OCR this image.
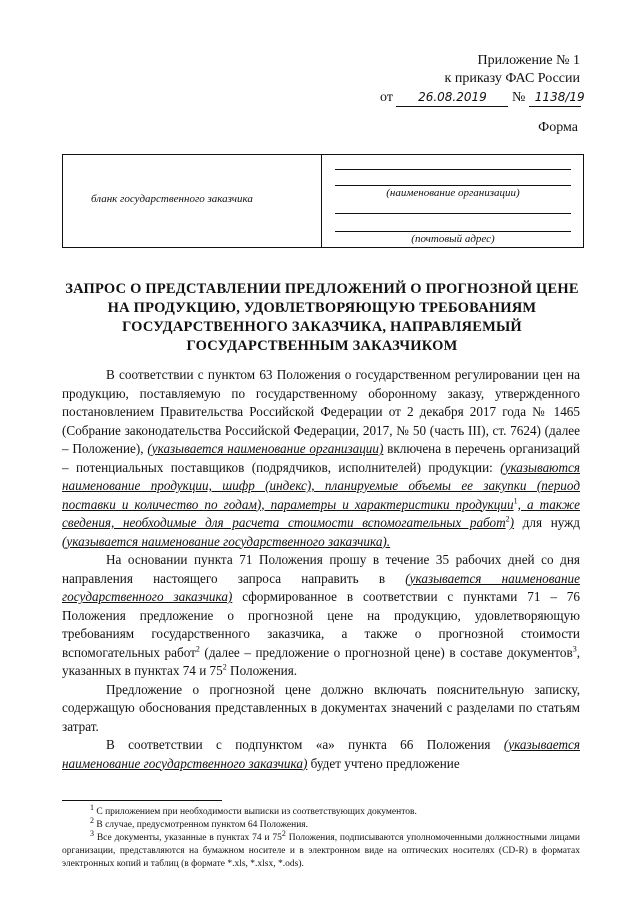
Приложение № 1
к приказу ФАС России
от 26.08.2019 № 1138/19
Форма
бланк государственного заказчика	(наименование организации)
(почтовый адрес)
ЗАПРОС О ПРЕДСТАВЛЕНИИ ПРЕДЛОЖЕНИЙ О ПРОГНОЗНОЙ ЦЕНЕ НА ПРОДУКЦИЮ, УДОВЛЕТВОРЯЮЩУЮ ТРЕБОВАНИЯМ ГОСУДАРСТВЕННОГО ЗАКАЗЧИКА, НАПРАВЛЯЕМЫЙ ГОСУДАРСТВЕННЫМ ЗАКАЗЧИКОМ

В соответствии с пунктом 63 Положения о государственном регулировании цен на продукцию, поставляемую по государственному оборонному заказу, утвержденного постановлением Правительства Российской Федерации от 2 декабря 2017 года № 1465 (Собрание законодательства Российской Федерации, 2017, № 50 (часть III), ст. 7624) (далее – Положение), (указывается наименование организации) включена в перечень организаций – потенциальных поставщиков (подрядчиков, исполнителей) продукции: (указываются наименование продукции, шифр (индекс), планируемые объемы ее закупки (период поставки и количество по годам), параметры и характеристики продукции$^1$, а также сведения, необходимые для расчета стоимости вспомогательных работ$^2$) для нужд (указывается наименование государственного заказчика).

На основании пункта 71 Положения прошу в течение 35 рабочих дней со дня направления настоящего запроса направить в (указывается наименование государственного заказчика) сформированное в соответствии с пунктами 71 – 76 Положения предложение о прогнозной цене на продукцию, удовлетворяющую требованиям государственного заказчика, а также о прогнозной стоимости вспомогательных работ$^2$ (далее – предложение о прогнозной цене) в составе документов$^3$, указанных в пунктах 74 и $75^2$ Положения.

Предложение о прогнозной цене должно включать пояснительную записку, содержащую обоснования представленных в документах значений с разделами по статьям затрат.

В соответствии с подпунктом «а» пункта 66 Положения (указывается наименование государственного заказчика) будет учтено предложение

$^1$ С приложением при необходимости выписки из соответствующих документов.
$^2$ В случае, предусмотренном пунктом 64 Положения.
$^3$ Все документы, указанные в пунктах 74 и $75^2$ Положения, подписываются уполномоченными должностными лицами организации, представляются на бумажном носителе и в электронном виде на оптических носителях (CD-R) в форматах электронных копий и таблиц (в формате *.xls, *.xlsx, *.ods).
